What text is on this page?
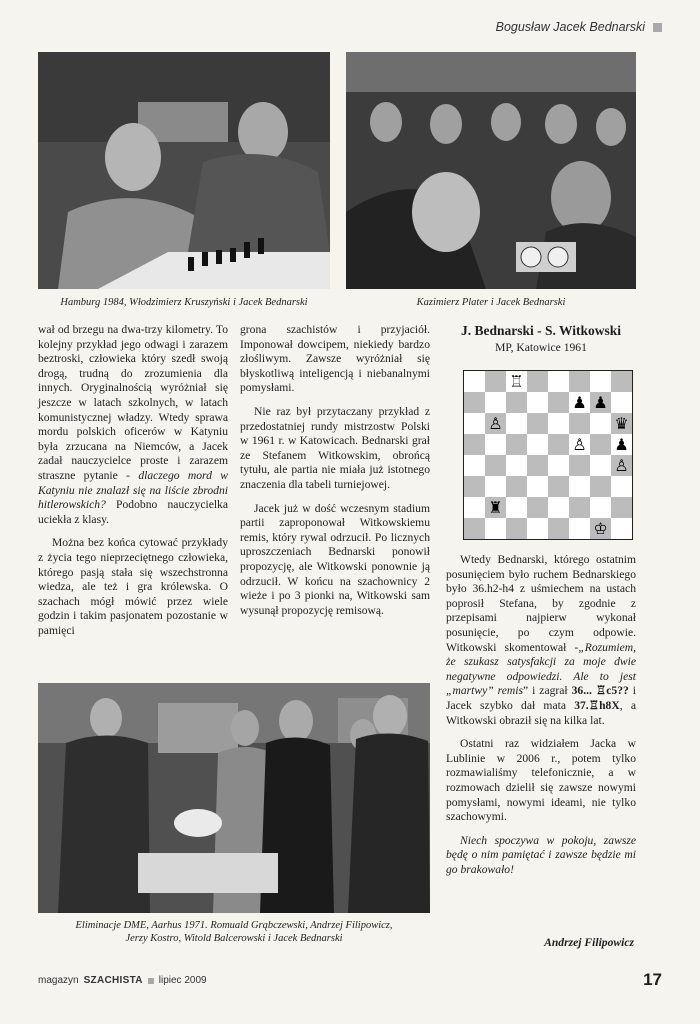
Bogusław Jacek Bednarski
Hamburg 1984, Włodzimierz Kruszyński i Jacek Bednarski	Kazimierz Plater i Jacek Bednarski

wał od brzegu na dwa-trzy kilometry. To kolejny przykład jego odwagi i zarazem beztroski, człowieka który szedł swoją drogą, trudną do zrozumienia dla innych. Oryginalnością wyróżniał się jeszcze w latach szkolnych, w latach komunistycznej władzy. Wtedy sprawa mordu polskich oficerów w Katyniu była zrzucana na Niemców, a Jacek zadał nauczycielce proste i zarazem straszne pytanie - dlaczego mord w Katyniu nie znalazł się na liście zbrodni hitlerowskich? Podobno nauczycielka uciekła z klasy.

Można bez końca cytować przykłady z życia tego nieprzeciętnego człowieka, którego pasją stała się wszechstronna wiedza, ale też i gra królewska. O szachach mógł mówić przez wiele godzin i takim pasjonatem pozostanie w pamięci

grona szachistów i przyjaciół. Imponował dowcipem, niekiedy bardzo złośliwym. Zawsze wyróżniał się błyskotliwą inteligencją i niebanalnymi pomysłami.

Nie raz był przytaczany przykład z przedostatniej rundy mistrzostw Polski w 1961 r. w Katowicach. Bednarski grał ze Stefanem Witkowskim, obrońcą tytułu, ale partia nie miała już istotnego znaczenia dla tabeli turniejowej.

Jacek już w dość wczesnym stadium partii zaproponował Witkowskiemu remis, który rywal odrzucił. Po licznych uproszczeniach Bednarski ponowił propozycję, ale Witkowski ponownie ją odrzucił. W końcu na szachownicy 2 wieże i po 3 pionki na, Witkowski sam wysunął propozycję remisową.

J. Bednarski - S. Witkowski
MP, Katowice 1961
♖
♟ ♟
♙	♛
♙ ♟
♙
♜
♔

Wtedy Bednarski, którego ostatnim posunięciem było ruchem Bednarskiego było 36.h2-h4 z uśmiechem na ustach poprosił Stefana, by zgodnie z przepisami najpierw wykonał posunięcie, po czym odpowie. Witkowski skomentował -„Rozumiem, że szukasz satysfakcji za moje dwie negatywne odpowiedzi. Ale to jest „martwy” remis” i zagrał 36... ♖c5?? i Jacek szybko dał mata 37.♖h8X, a Witkowski obraził się na kilka lat.

Ostatni raz widziałem Jacka w Lublinie w 2006 r., potem tylko rozmawialiśmy telefonicznie, a w rozmowach dzielił się zawsze nowymi pomysłami, nowymi ideami, nie tylko szachowymi.

Niech spoczywa w pokoju, zawsze będę o nim pamiętać i zawsze będzie mi go brakowało!

Andrzej Filipowicz
Eliminacje DME, Aarhus 1971. Romuald Grąbczewski, Andrzej Filipowicz,
Jerzy Kostro, Witold Balcerowski i Jacek Bednarski
magazyn SZACHISTA lipiec 2009	17
